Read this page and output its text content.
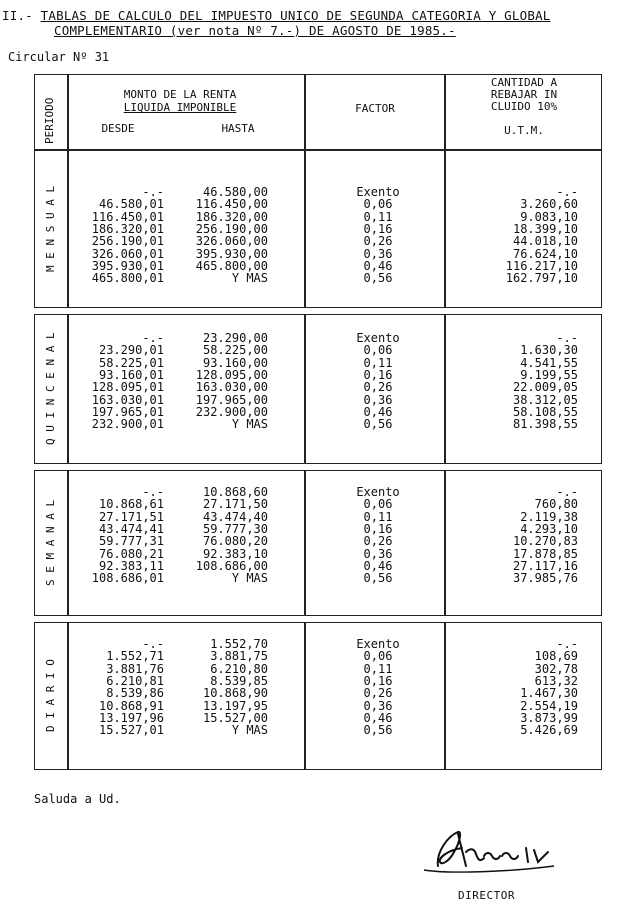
II.- TABLAS DE CALCULO DEL IMPUESTO UNICO DE SEGUNDA CATEGORIA Y GLOBAL
COMPLEMENTARIO (ver nota Nº 7.-) DE AGOSTO DE 1985.-
Circular Nº 31
PERIODO
MONTO DE LA RENTA
LIQUIDA IMPONIBLE
DESDE	HASTA
FACTOR
CANTIDAD A
REBAJAR IN
CLUIDO 10%
U.T.M.
M E N S U A L	-.-	46.580,00	Exento	-.-
46.580,01	116.450,00	0,06	3.260,60
116.450,01	186.320,00	0,11	9.083,10
186.320,01	256.190,00	0,16	18.399,10
256.190,01	326.060,00	0,26	44.018,10
326.060,01	395.930,00	0,36	76.624,10
395.930,01	465.800,00	0,46	116.217,10
465.800,01	Y MAS	0,56	162.797,10
Q U I N C E N A L	-.-	23.290,00	Exento	-.-
23.290,01	58.225,00	0,06	1.630,30
58.225,01	93.160,00	0,11	4.541,55
93.160,01	128.095,00	0,16	9.199,55
128.095,01	163.030,00	0,26	22.009,05
163.030,01	197.965,00	0,36	38.312,05
197.965,01	232.900,00	0,46	58.108,55
232.900,01	Y MAS	0,56	81.398,55
S E M A N A L
-.-	10.868,60	Exento	-.-
10.868,61	27.171,50	0,06	760,80
27.171,51	43.474,40	0,11	2.119,38
43.474,41	59.777,30	0,16	4.293,10
59.777,31	76.080,20	0,26	10.270,83
76.080,21	92.383,10	0,36	17.878,85
92.383,11	108.686,00	0,46	27.117,16
108.686,01	Y MAS	0,56	37.985,76
D I A R I O
-.-	1.552,70	Exento	-.-
1.552,71	3.881,75	0,06	108,69
3.881,76	6.210,80	0,11	302,78
6.210,81	8.539,85	0,16	613,32
8.539,86	10.868,90	0,26	1.467,30
10.868,91	13.197,95	0,36	2.554,19
13.197,96	15.527,00	0,46	3.873,99
15.527,01	Y MAS	0,56	5.426,69
Saluda a Ud.
DIRECTOR
